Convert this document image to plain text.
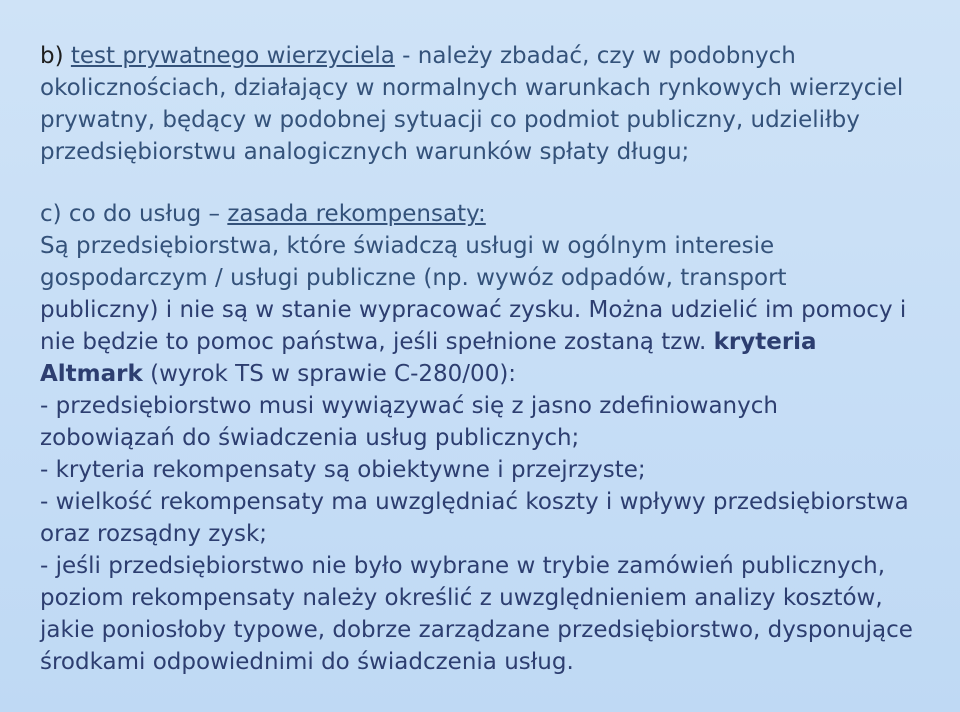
b) test prywatnego wierzyciela - należy zbadać, czy w podobnych
okolicznościach, działający w normalnych warunkach rynkowych wierzyciel
prywatny, będący w podobnej sytuacji co podmiot publiczny, udzieliłby
przedsiębiorstwu analogicznych warunków spłaty długu;
c) co do usług – zasada rekompensaty:
Są przedsiębiorstwa, które świadczą usługi w ogólnym interesie
gospodarczym / usługi publiczne (np. wywóz odpadów, transport
publiczny) i nie są w stanie wypracować zysku. Można udzielić im pomocy i
nie będzie to pomoc państwa, jeśli spełnione zostaną tzw. kryteria
Altmark (wyrok TS w sprawie C-280/00):
- przedsiębiorstwo musi wywiązywać się z jasno zdefiniowanych
zobowiązań do świadczenia usług publicznych;
- kryteria rekompensaty są obiektywne i przejrzyste;
- wielkość rekompensaty ma uwzględniać koszty i wpływy przedsiębiorstwa
oraz rozsądny zysk;
- jeśli przedsiębiorstwo nie było wybrane w trybie zamówień publicznych,
poziom rekompensaty należy określić z uwzględnieniem analizy kosztów,
jakie poniosłoby typowe, dobrze zarządzane przedsiębiorstwo, dysponujące
środkami odpowiednimi do świadczenia usług.
